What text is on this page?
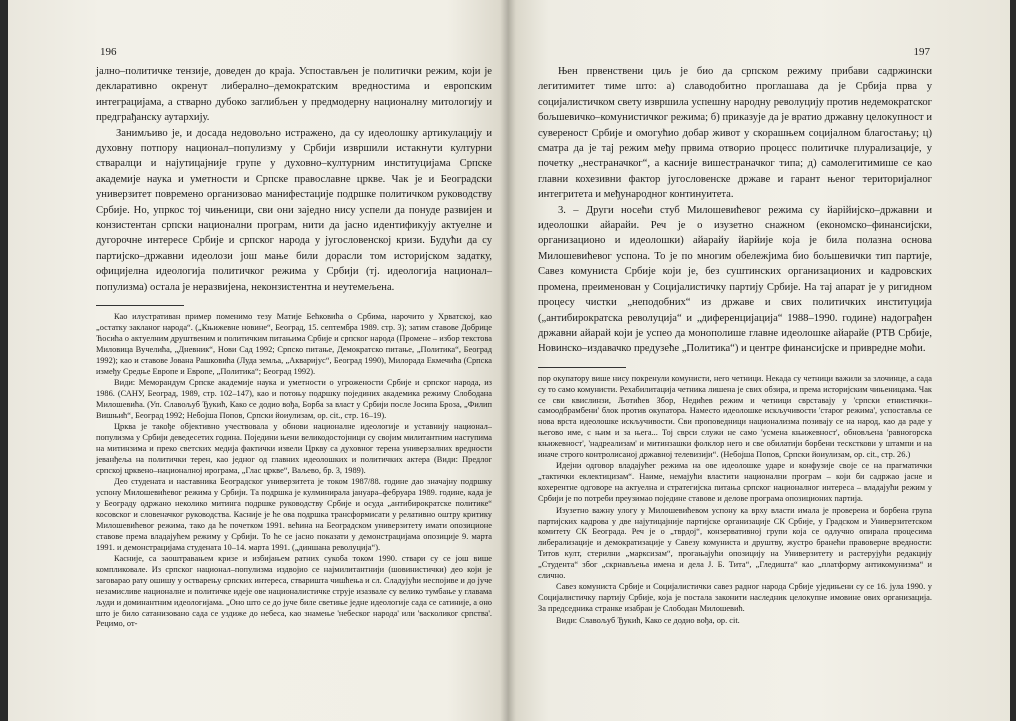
196

јално–политичке тензије, доведен до краја. Успостављен је политички режим, који је декларативно окренут либерално–демократским вредностима и европским интеграцијама, а стварно дубоко заглибљен у предмодерну националну митологију и предграђанску аутархију.

Занимљиво је, и досада недовољно истражено, да су идеолошку артикулацију и духовну потпору национал–популизму у Србији извршили истакнути културни стваралци и најутицајније групе у духовно–културним институцијама Српске академије наука и уметности и Српске православне цркве. Чак је и Београдски универзитет повремено организовао манифестације подршке политичком руководству Србије. Но, упркос тој чињеници, сви они заједно нису успели да понуде развијен и конзистентан српски национални програм, нити да јасно идентификују актуелне и дугорочне интересе Србије и српског народа у југословенској кризи. Будући да су партијско–државни идеолози још мање били дорасли том историјском задатку, официјелна идеологија политичког режима у Србији (тј. идеологија национал–популизма) остала је неразвијена, неконзистентна и неутемељена.

Као илустративан пример поменимо тезу Матије Бећковића о Србима, нарочито у Хрватској, као „остатку заклaног народа“. („Књижевне новине“, Београд, 15. септембра 1989. стр. 3); затим ставове Добрице Ћосића о актуелним друштвеним и политичким питањима Србије и српског народа (Промене – избор текстова Миловица Вучелића, „Дневник“, Нови Сад 1992; Српско питање, Демократско питање, „Политика“, Београд 1992); као и ставове Јована Рашковића (Луда земља, „Акваријус“, Београд 1990), Милорада Екмечића (Српска између Средње Европе и Европе, „Политика“; Београд 1992).

Види: Меморандум Српске академије наука и уметности о угрожености Србије и српског народа, из 1986. (САНУ, Београд, 1989, стр. 102–147), као и потоњу подршку појединих академика режиму Слободана Милошевића. (Уп. Славољуб Ђукић, Како се додио вођа, Борба за власт у Србији после Јосипа Броза, „Филип Вишњић“, Београд 1992; Небојша Попов, Српски йоиулизам, op. cit., стр. 16–19).

Црква је такође објективно учествовала у обнови националне идеологије и уставнију национал–популизма у Србији деведесетих година. Поједини њени великодостојници су својим милитантним наступима на митинзима и преко светских медија фактички извели Цркву са духовног терена универзалних вредности јеванђеља на политички терен, као једног од главних идеолошких и политичких актера (Види: Предлог српској црквено–националној ирограма, „Глас цркве“, Ваљево, бр. 3, 1989).

Део студената и наставника Београдског универзитета је током 1987/88. године дао значајну подршку успону Милошевићевог режима у Србији. Та подршка је кулминирала јануара–фебруара 1989. године, када је у Београду одржано неколико митинга подршке руководству Србије и осуда „антибирократске политике“ косовског и словеначког руководства. Касније је ће ова подршка трансформисати у релативно оштру критику Милошевићевог режима, тако да ће почетком 1991. већина на Београдском универзитету имати опозиционе ставове према владајућем режиму у Србији. То ће се јасно показати у демонстрацијама опозиције 9. марта 1991. и демонстрацијама студената 10–14. марта 1991. („диншана револуција“).

Касније, са заоштравањем кризе и избијањем ратних сукоба током 1990. ствари су се још више компликовале. Из српског национал–популизма издвојио се најмилитантнији (шовинистички) део који је заговарао рату ошишу у остварењу српских интереса, стваришта чишћења и сл. Сладујући неспојиве и до јуче незамисливе националне и политичке идеје ове националистичке струје изазвале су велико тумбање у главама људи и доминантним идеологијама. „Оно што се до јуче биле светиње једне идеологије сада се сатиније, а оно што је било сатанизовано сада се уздиже до небеса, као знамење 'небеског народа' или 'васколиког српства'. Рецимо, от-

197

Њен првенствени циљ је био да српском режиму прибави садржински легитимитет тиме што: а) славодобитно проглашава да је Србија прва у социјалистичком свету извршила успешну народну револуцију против недемократског бољшевичко–комунистичког режима; б) приказује да је вратио државну целокупност и суверенoст Србије и омогућио добар живот у скорашњем социјалном благостању; ц) сматра да је тај режим међу првима отворио процесс политичке плурализације, у почетку „нестраначког“, а касније вишестраначког типа; д) самолегитимише се као главни кохезивни фактор југословенске државе и гарант њеног територијалног интегритета и међународног континуитета.

3. – Други носећи стуб Милошевићевог режима су йарійијско–државни и идеолошки айарайи. Реч је о изузетно снажном (економско–финансијски, организационо и идеолошки) айарайу йарйије која је била полазна основа Милошевићевог успона. То је по многим обележјима био бољшевички тип партије, Савез комуниста Србије који је, без суштинских организационих и кадровских промена, преименован у Социјалистичку партију Србије. На тај апарат је у ригидном процесу чистки „неподобних“ из државе и свих политичких институција („антибирократска револуција“ и „диференцијација“ 1988–1990. године) надограђен државни айарай који је успео да монополише главне идеолошке айарайе (РТВ Србије, Новинско–издавачко предузеће „Политика“) и центре финансијске и привредне моћи.

пор окупатору више нису покренули комунисти, него четници. Некада су четници важили за злочинце, а сада су то само комунисти. Рехабилитација четника лишена је свих обзира, и према историјским чињеницама. Чак се сви квислинзи, Љотићев Збор, Недићев режим и четници сврставају у 'српски етнистички–самоодбрамбени' блок против окупатора. Наместо идеолошке искључивости 'старог режима', успоставља се нова врста идеолошке искључивости. Сви проповедници национализма позивају се на народ, као да раде у његово име, с њим и за њега... Тој сврси служи не само 'усмена књижевност', обновљена 'равногорска књижевност', 'надреализам' и митинзашки фолклор него и све обилатији борбени тесксткови у штампи и на иначе строго контролисаној државној телевизији“. (Небојша Попов, Српски йоиулизам, op. cit., стр. 26.)

Идејни одговор владајућег режима на ове идеолошке ударе и конфузије своје се на прагматички „тактички еклектицизам“. Наиме, немајући властити национални програм – који би садржао јасне и кохерентне одговоре на актуелна и стратегијска питања српског националног интереса – владајући режим у Србији је по потреби преузимао поједине ставове и делове програма опозиционих партија.

Изузетно важну улогу у Милошевићевом успону ка врху власти имала је провереиа и борбена група партијских кадрова у две најутицајније партијске организације СК Србије, у Градском и Универзитетском комитету СК Београда. Реч је о „тврдој“, конзервативној групи која се одлучно опирала процесима либерализације и демократизације у Савезу комуниста и друштву, жустро бранећи правоверне вредности: Титов култ, стерилни „марксизам“, прогањајући опозицију на Универзитету и растерујући редакцију „Студента“ због „скрнављења имена и дела Ј. Б. Тита“, „Гледишта“ као „платформу антикомунизма“ и слично.

Савез комуниста Србије и Социјалистички савез радног народа Србије уједињени су се 16. јула 1990. у Социјалистичку партију Србије, која је постала законити наследник целокупне имовине ових организација. За председника странке изабран је Слободан Милошевић.

Види: Славољуб Ђукић, Како се додио вођа, op. cit.
